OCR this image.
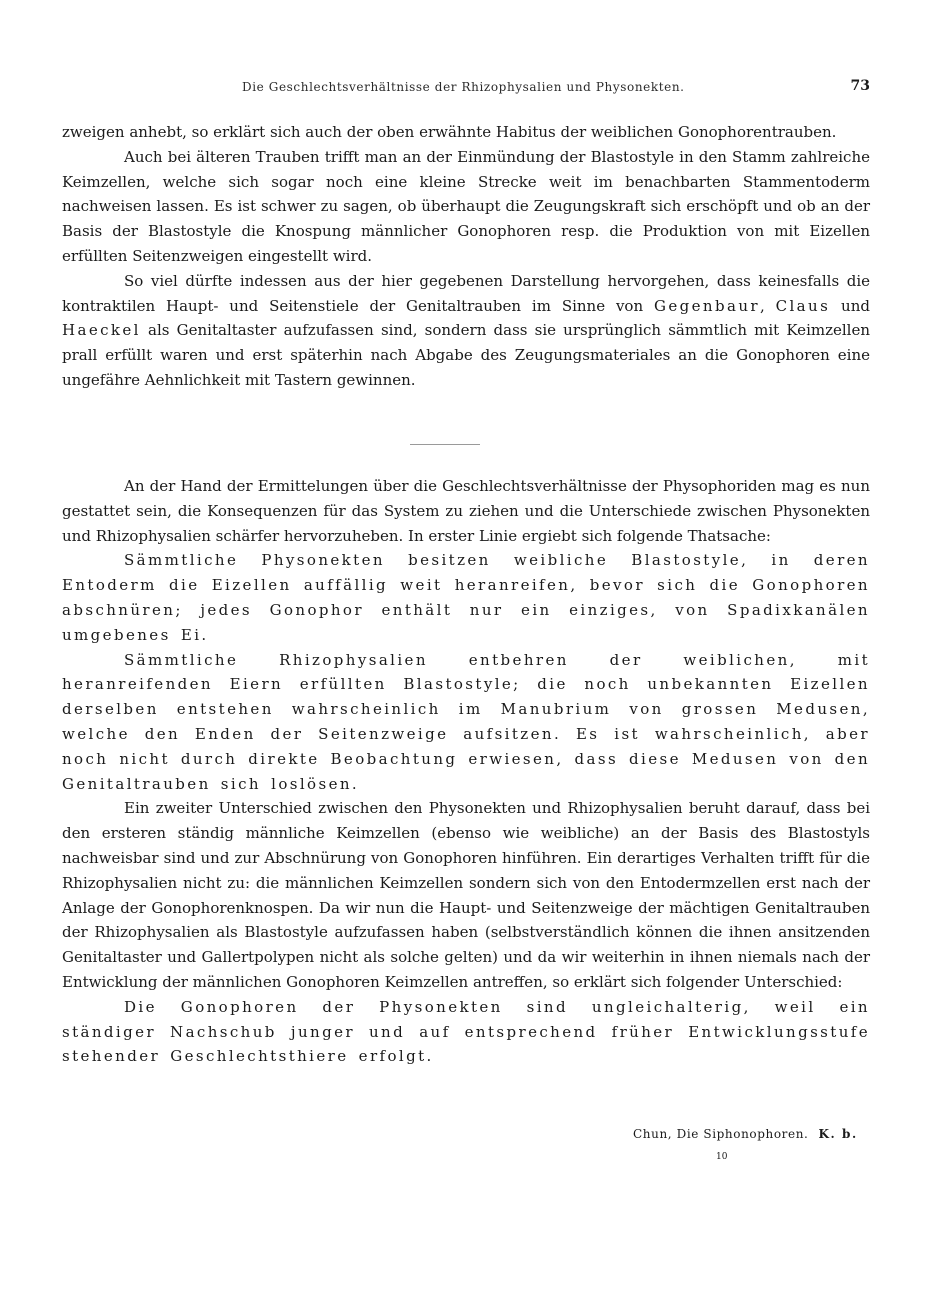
Die Geschlechtsverhältnisse der Rhizophysalien und Physonekten.	73

zweigen anhebt, so erklärt sich auch der oben erwähnte Habitus der weiblichen Gonophorentrauben.

Auch bei älteren Trauben trifft man an der Einmündung der Blastostyle in den Stamm zahlreiche Keimzellen, welche sich sogar noch eine kleine Strecke weit im benachbarten Stammentoderm nachweisen lassen. Es ist schwer zu sagen, ob überhaupt die Zeugungskraft sich erschöpft und ob an der Basis der Blastostyle die Knospung männlicher Gonophoren resp. die Produktion von mit Eizellen erfüllten Seitenzweigen eingestellt wird.

So viel dürfte indessen aus der hier gegebenen Darstellung hervorgehen, dass keinesfalls die kontraktilen Haupt- und Seitenstiele der Genitaltrauben im Sinne von Gegenbaur, Claus und Haeckel als Genitaltaster aufzufassen sind, sondern dass sie ursprünglich sämmtlich mit Keimzellen prall erfüllt waren und erst späterhin nach Abgabe des Zeugungsmateriales an die Gonophoren eine ungefähre Aehnlichkeit mit Tastern gewinnen.

An der Hand der Ermittelungen über die Geschlechtsverhältnisse der Physophoriden mag es nun gestattet sein, die Konsequenzen für das System zu ziehen und die Unterschiede zwischen Physonekten und Rhizophysalien schärfer hervorzuheben. In erster Linie ergiebt sich folgende Thatsache:

Sämmtliche Physonekten besitzen weibliche Blastostyle, in deren Entoderm die Eizellen auffällig weit heranreifen, bevor sich die Gonophoren abschnüren; jedes Gonophor enthält nur ein einziges, von Spadixkanälen umgebenes Ei.

Sämmtliche Rhizophysalien entbehren der weiblichen, mit heranreifenden Eiern erfüllten Blastostyle; die noch unbekannten Eizellen derselben entstehen wahrscheinlich im Manubrium von grossen Medusen, welche den Enden der Seitenzweige aufsitzen. Es ist wahrscheinlich, aber noch nicht durch direkte Beobachtung erwiesen, dass diese Medusen von den Genitaltrauben sich loslösen.

Ein zweiter Unterschied zwischen den Physonekten und Rhizophysalien beruht darauf, dass bei den ersteren ständig männliche Keimzellen (ebenso wie weibliche) an der Basis des Blastostyls nachweisbar sind und zur Abschnürung von Gonophoren hinführen. Ein derartiges Verhalten trifft für die Rhizophysalien nicht zu: die männlichen Keimzellen sondern sich von den Entodermzellen erst nach der Anlage der Gonophorenknospen. Da wir nun die Haupt- und Seitenzweige der mächtigen Genitaltrauben der Rhizophysalien als Blastostyle aufzufassen haben (selbstverständlich können die ihnen ansitzenden Genitaltaster und Gallertpolypen nicht als solche gelten) und da wir weiterhin in ihnen niemals nach der Entwicklung der männlichen Gonophoren Keimzellen antreffen, so erklärt sich folgender Unterschied:

Die Gonophoren der Physonekten sind ungleichalterig, weil ein ständiger Nachschub junger und auf entsprechend früher Entwicklungsstufe stehender Geschlechtsthiere erfolgt.

Chun, Die Siphonophoren. K. b.
10
